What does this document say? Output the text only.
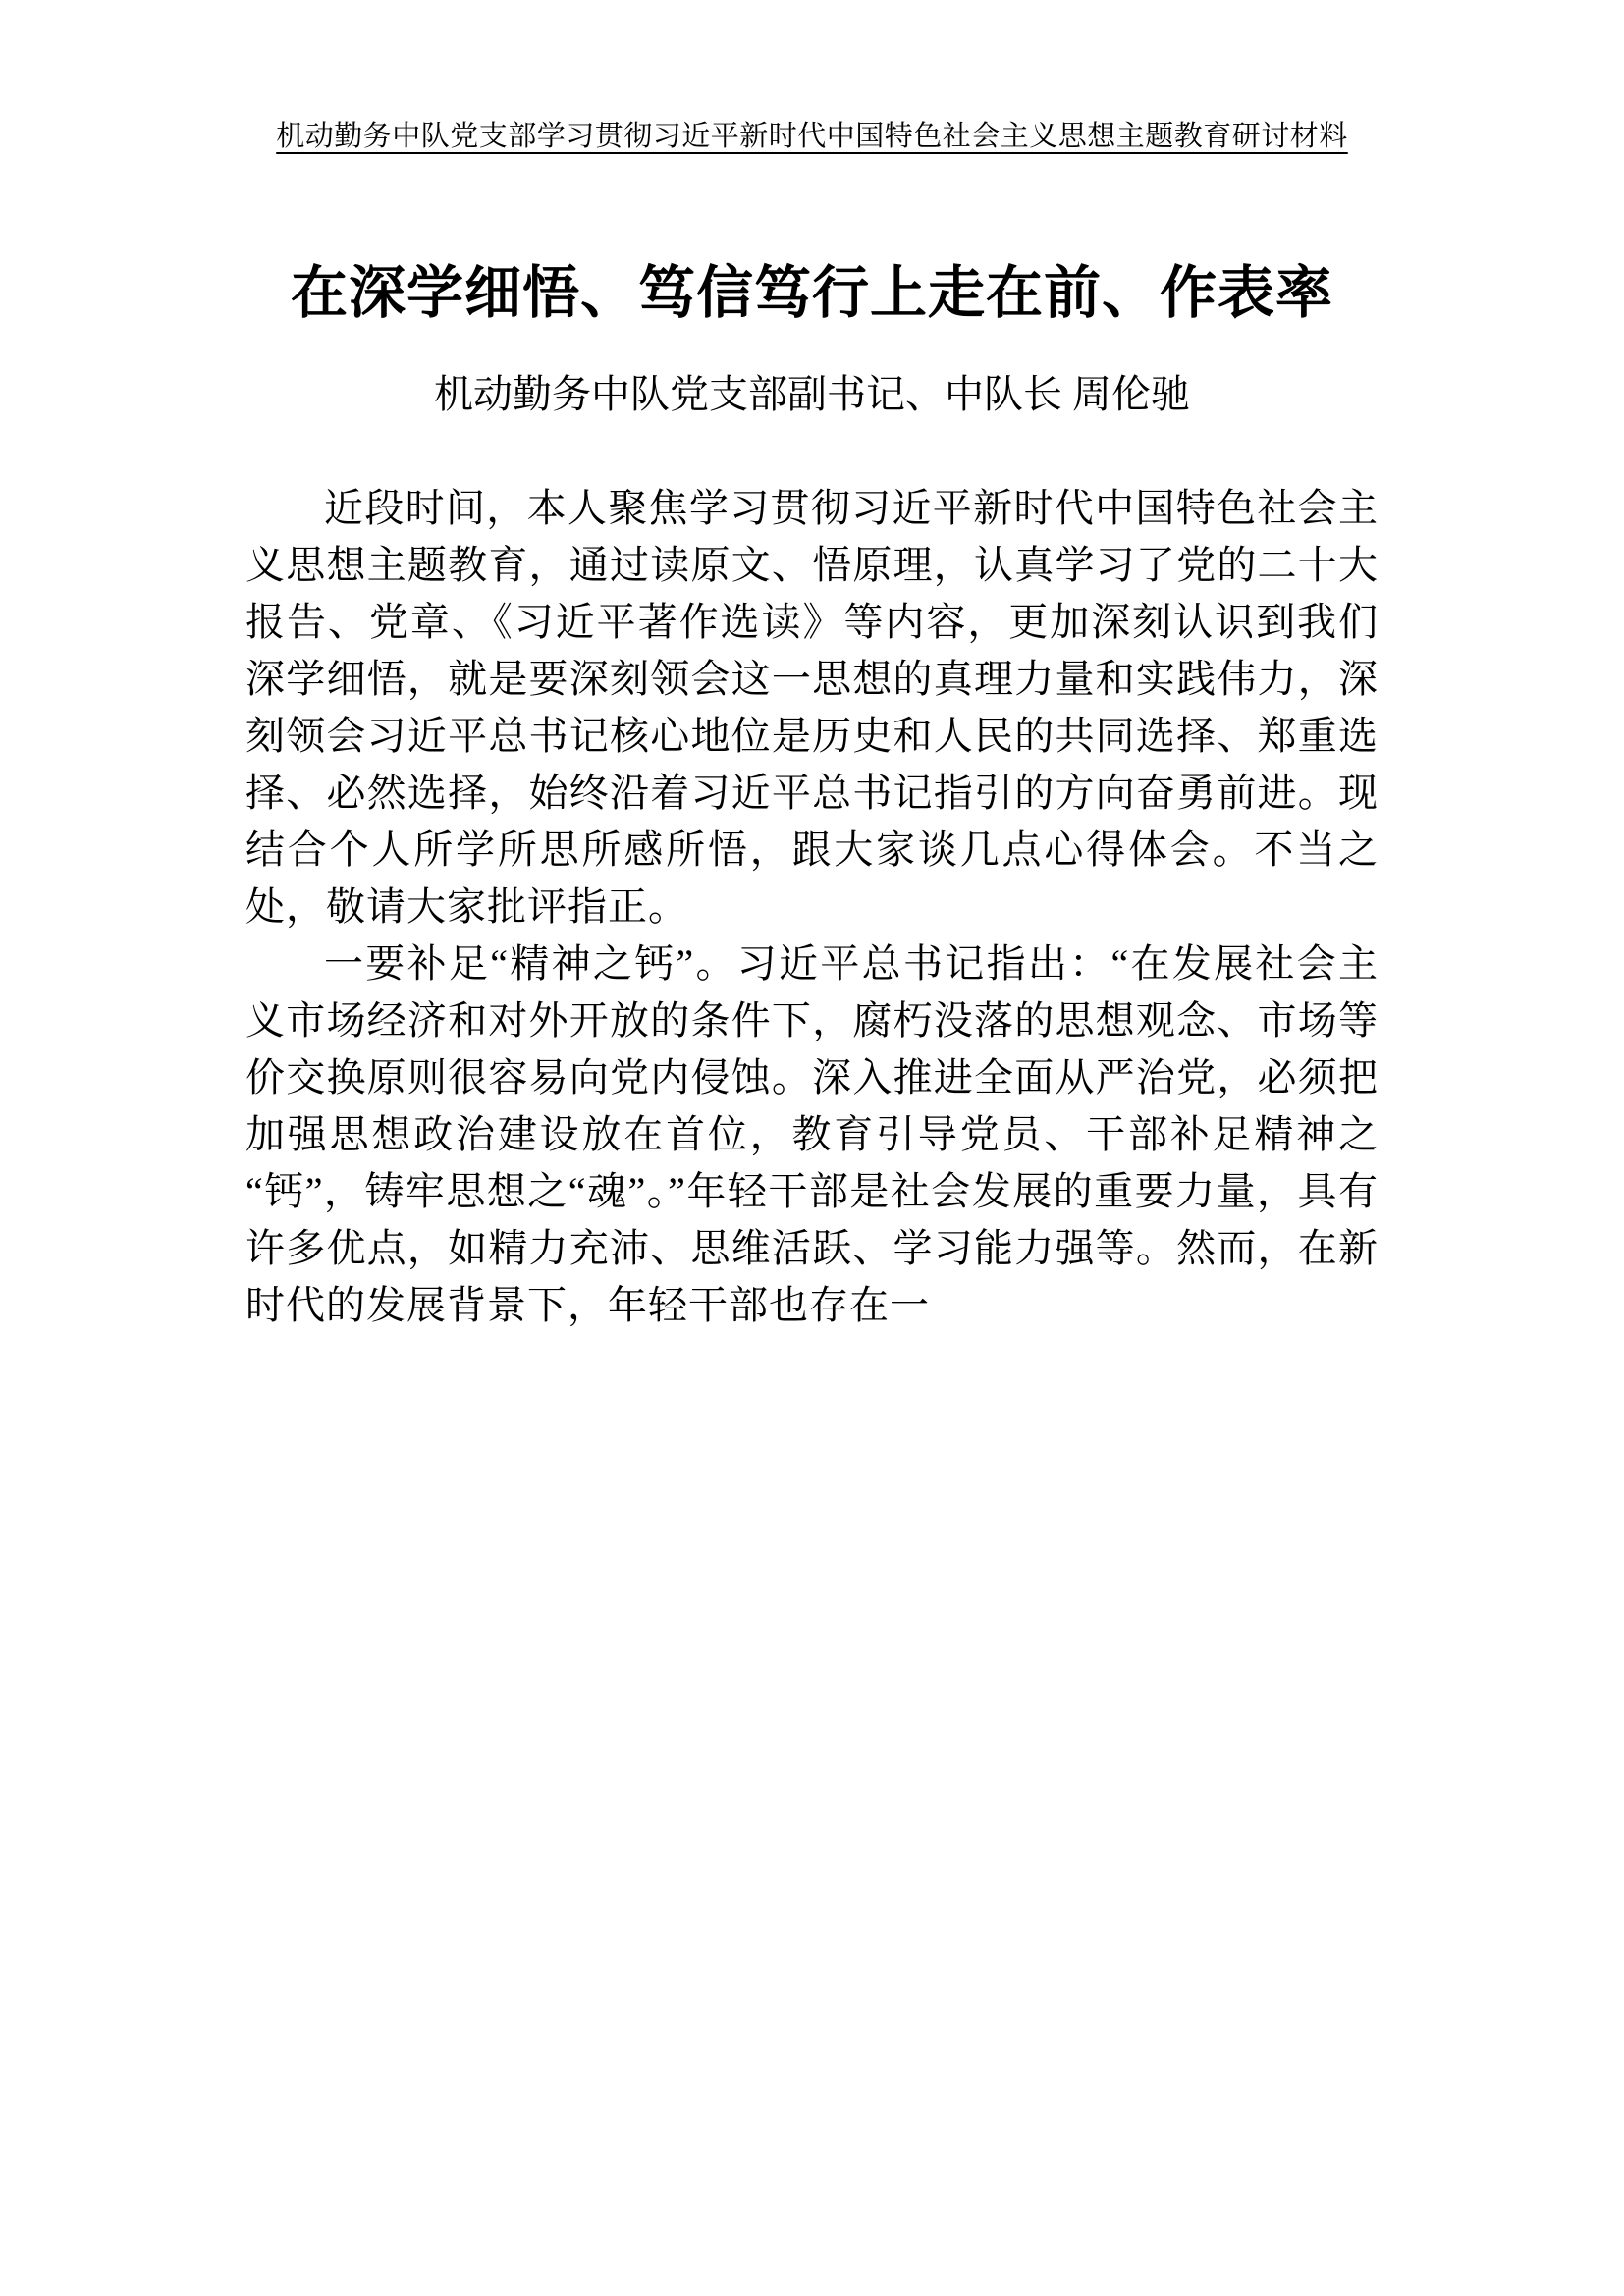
机动勤务中队党支部学习贯彻习近平新时代中国特色社会主义思想主题教育研讨材料
在深学细悟、笃信笃行上走在前、作表率
机动勤务中队党支部副书记、中队长 周伦驰

近段时间，本人聚焦学习贯彻习近平新时代中国特色社会主义思想主题教育，通过读原文、悟原理，认真学习了党的二十大报告、党章、《习近平著作选读》等内容，更加深刻认识到我们深学细悟，就是要深刻领会这一思想的真理力量和实践伟力，深刻领会习近平总书记核心地位是历史和人民的共同选择、郑重选择、必然选择，始终沿着习近平总书记指引的方向奋勇前进。现结合个人所学所思所感所悟，跟大家谈几点心得体会。不当之处，敬请大家批评指正。

一要补足“精神之钙”。习近平总书记指出：“在发展社会主义市场经济和对外开放的条件下，腐朽没落的思想观念、市场等价交换原则很容易向党内侵蚀。深入推进全面从严治党，必须把加强思想政治建设放在首位，教育引导党员、干部补足精神之“钙”，铸牢思想之“魂”。”年轻干部是社会发展的重要力量，具有许多优点，如精力充沛、思维活跃、学习能力强等。然而，在新时代的发展背景下，年轻干部也存在一
